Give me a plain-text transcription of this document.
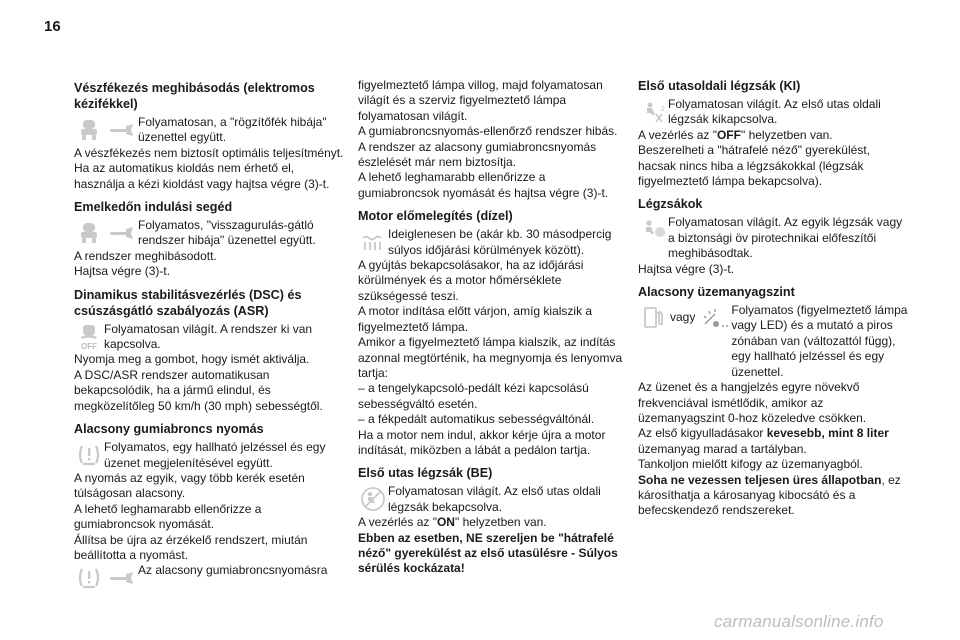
16
Vészfékezés meghibásodás (elektromos kézifékkel)
Folyamatosan, a "rögzítőfék hibája" üzenettel együtt.

A vészfékezés nem biztosít optimális teljesítményt.

Ha az automatikus kioldás nem érhető el, használja a kézi kioldást vagy hajtsa végre (3)-t.

Emelkedőn indulási segéd
Folyamatos, "visszagurulás-gátló rendszer hibája" üzenettel együtt.

A rendszer meghibásodott.

Hajtsa végre (3)-t.

Dinamikus stabilitásvezérlés (DSC) és csúszásgátló szabályozás (ASR)
OFF
Folyamatosan világít. A rendszer ki van kapcsolva.

Nyomja meg a gombot, hogy ismét aktiválja.

A DSC/ASR rendszer automatikusan bekapcsolódik, ha a jármű elindul, és megközelítőleg 50 km/h (30 mph) sebességtől.

Alacsony gumiabroncs nyomás
Folyamatos, egy hallható jelzéssel és egy üzenet megjelenítésével együtt.

A nyomás az egyik, vagy több kerék esetén túlságosan alacsony.

A lehető leghamarabb ellenőrizze a gumiabroncsok nyomását.

Állítsa be újra az érzékelő rendszert, miután beállította a nyomást.

Az alacsony gumiabroncsnyomásra

figyelmeztető lámpa villog, majd folyamatosan világít és a szerviz figyelmeztető lámpa folyamatosan világít.

A gumiabroncsnyomás-ellenőrző rendszer hibás.

A rendszer az alacsony gumiabroncsnyomás észlelését már nem biztosítja.

A lehető leghamarabb ellenőrizze a gumiabroncsok nyomását és hajtsa végre (3)-t.

Motor előmelegítés (dízel)
Ideiglenesen be (akár kb. 30 másodpercig súlyos időjárási körülmények között).

A gyújtás bekapcsolásakor, ha az időjárási körülmények és a motor hőmérséklete szükségessé teszi.

A motor indítása előtt várjon, amíg kialszik a figyelmeztető lámpa.

Amikor a figyelmeztető lámpa kialszik, az indítás azonnal megtörténik, ha megnyomja és lenyomva tartja:

– a tengelykapcsoló-pedált kézi kapcsolású sebességváltó esetén.

– a fékpedált automatikus sebességváltónál.

Ha a motor nem indul, akkor kérje újra a motor indítását, miközben a lábát a pedálon tartja.

Első utas légzsák (BE)
Folyamatosan világít. Az első utas oldali légzsák bekapcsolva.

A vezérlés az "ON" helyzetben van.

Ebben az esetben, NE szereljen be "hátrafelé néző" gyerekülést az első utasülésre - Súlyos sérülés kockázata!

Első utasoldali légzsák (KI)
2 Folyamatosan világít. Az első utas oldali légzsák kikapcsolva.

A vezérlés az "OFF" helyzetben van.

Beszerelheti a "hátrafelé néző" gyerekülést, hacsak nincs hiba a légzsákokkal (légzsák figyelmeztető lámpa bekapcsolva).

Légzsákok
Folyamatosan világít. Az egyik légzsák vagy a biztonsági öv pirotechnikai előfeszítői meghibásodtak.

Hajtsa végre (3)-t.

Alacsony üzemanyagszint
vagy
Folyamatos (figyelmeztető lámpa vagy LED) és a mutató a piros zónában van (változattól függ), egy hallható jelzéssel és egy üzenettel.

Az üzenet és a hangjelzés egyre növekvő frekvenciával ismétlődik, amikor az üzemanyagszint 0-hoz közeledve csökken.

Az első kigyulladásakor kevesebb, mint 8 liter üzemanyag marad a tartályban.

Tankoljon mielőtt kifogy az üzemanyagból.

Soha ne vezessen teljesen üres állapotban, ez károsíthatja a károsanyag kibocsátó és a befecskendező rendszereket.

carmanualsonline.info
